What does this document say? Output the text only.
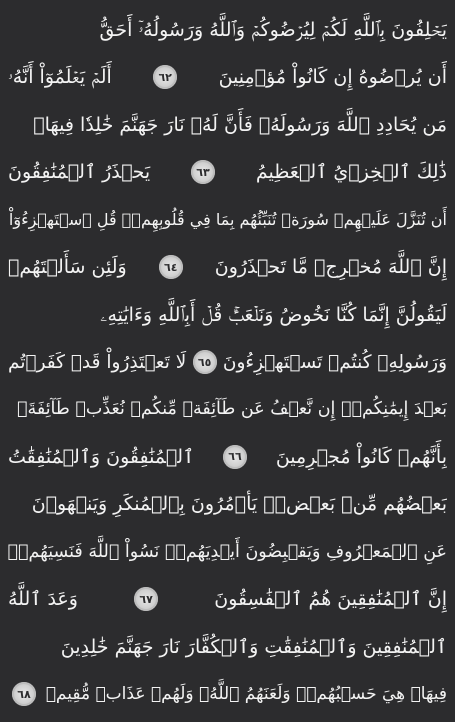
يَحۡلِفُونَ بِٱللَّهِ لَكُمۡ لِيُرۡضُوكُمۡ وَٱللَّهُ وَرَسُولُهُۥٓ أَحَقُّ
أَن يُرۡضُوهُ إِن كَانُواْ مُؤۡمِنِينَ
٦٢
أَلَمۡ يَعۡلَمُوٓاْ أَنَّهُۥ
مَن يُحَادِدِ ٱللَّهَ وَرَسُولَهُۥ فَأَنَّ لَهُۥ نَارَ جَهَنَّمَ خَٰلِدٗا فِيهَاۚ
ذَٰلِكَ ٱلۡخِزۡيُ ٱلۡعَظِيمُ
٦٣
يَحۡذَرُ ٱلۡمُنَٰفِقُونَ
أَن تُنَزَّلَ عَلَيۡهِمۡ سُورَةٞ تُنَبِّئُهُم بِمَا فِي قُلُوبِهِمۡۚ قُلِ ٱسۡتَهۡزِءُوٓاْ
إِنَّ ٱللَّهَ مُخۡرِجٞ مَّا تَحۡذَرُونَ
٦٤
وَلَئِن سَأَلۡتَهُمۡ
لَيَقُولُنَّ إِنَّمَا كُنَّا نَخُوضُ وَنَلۡعَبُۚ قُلۡ أَبِٱللَّهِ وَءَايَٰتِهِۦ
وَرَسُولِهِۦ كُنتُمۡ تَسۡتَهۡزِءُونَ
٦٥
لَا تَعۡتَذِرُواْ قَدۡ كَفَرۡتُم
بَعۡدَ إِيمَٰنِكُمۡۚ إِن نَّعۡفُ عَن طَآئِفَةٖ مِّنكُمۡ نُعَذِّبۡ طَآئِفَةَۢ
بِأَنَّهُمۡ كَانُواْ مُجۡرِمِينَ
٦٦
ٱلۡمُنَٰفِقُونَ وَٱلۡمُنَٰفِقَٰتُ
بَعۡضُهُم مِّنۢ بَعۡضٖۚ يَأۡمُرُونَ بِٱلۡمُنكَرِ وَيَنۡهَوۡنَ
عَنِ ٱلۡمَعۡرُوفِ وَيَقۡبِضُونَ أَيۡدِيَهُمۡۚ نَسُواْ ٱللَّهَ فَنَسِيَهُمۡۚ
إِنَّ ٱلۡمُنَٰفِقِينَ هُمُ ٱلۡفَٰسِقُونَ
٦٧
وَعَدَ ٱللَّهُ
ٱلۡمُنَٰفِقِينَ وَٱلۡمُنَٰفِقَٰتِ وَٱلۡكُفَّارَ نَارَ جَهَنَّمَ خَٰلِدِينَ
فِيهَاۚ هِيَ حَسۡبُهُمۡۚ وَلَعَنَهُمُ ٱللَّهُۖ وَلَهُمۡ عَذَابٞ مُّقِيمٞ
٦٨
